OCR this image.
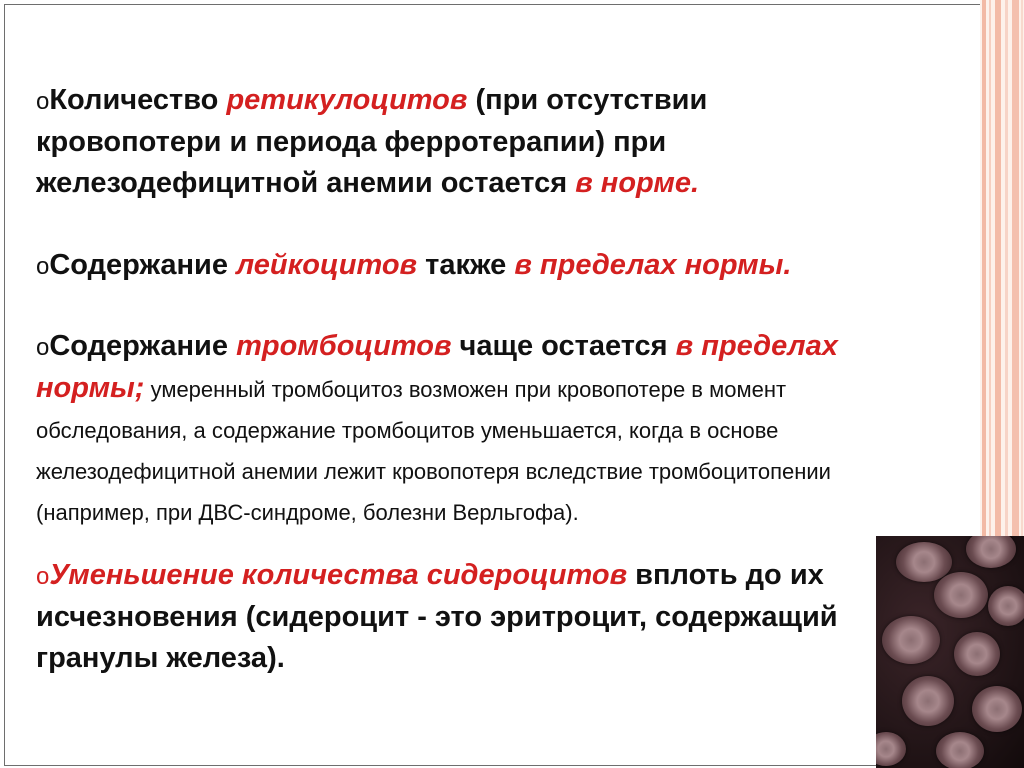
oКоличество ретикулоцитов (при отсутствии кровопотери и периода ферротерапии) при железодефицитной анемии остается в норме.

oСодержание лейкоцитов также в пределах нормы.

oСодержание тромбоцитов чаще остается в пределах нормы; умеренный тромбоцитоз возможен при кровопотере в момент обследования, а содержание тромбоцитов уменьшается, когда в основе железодефицитной анемии лежит кровопотеря вследствие тромбоцитопении (например, при ДВС-синдроме, болезни Верльгофа).

oУменьшение количества сидероцитов вплоть до их исчезновения (сидероцит - это эритроцит, содержащий гранулы железа).
